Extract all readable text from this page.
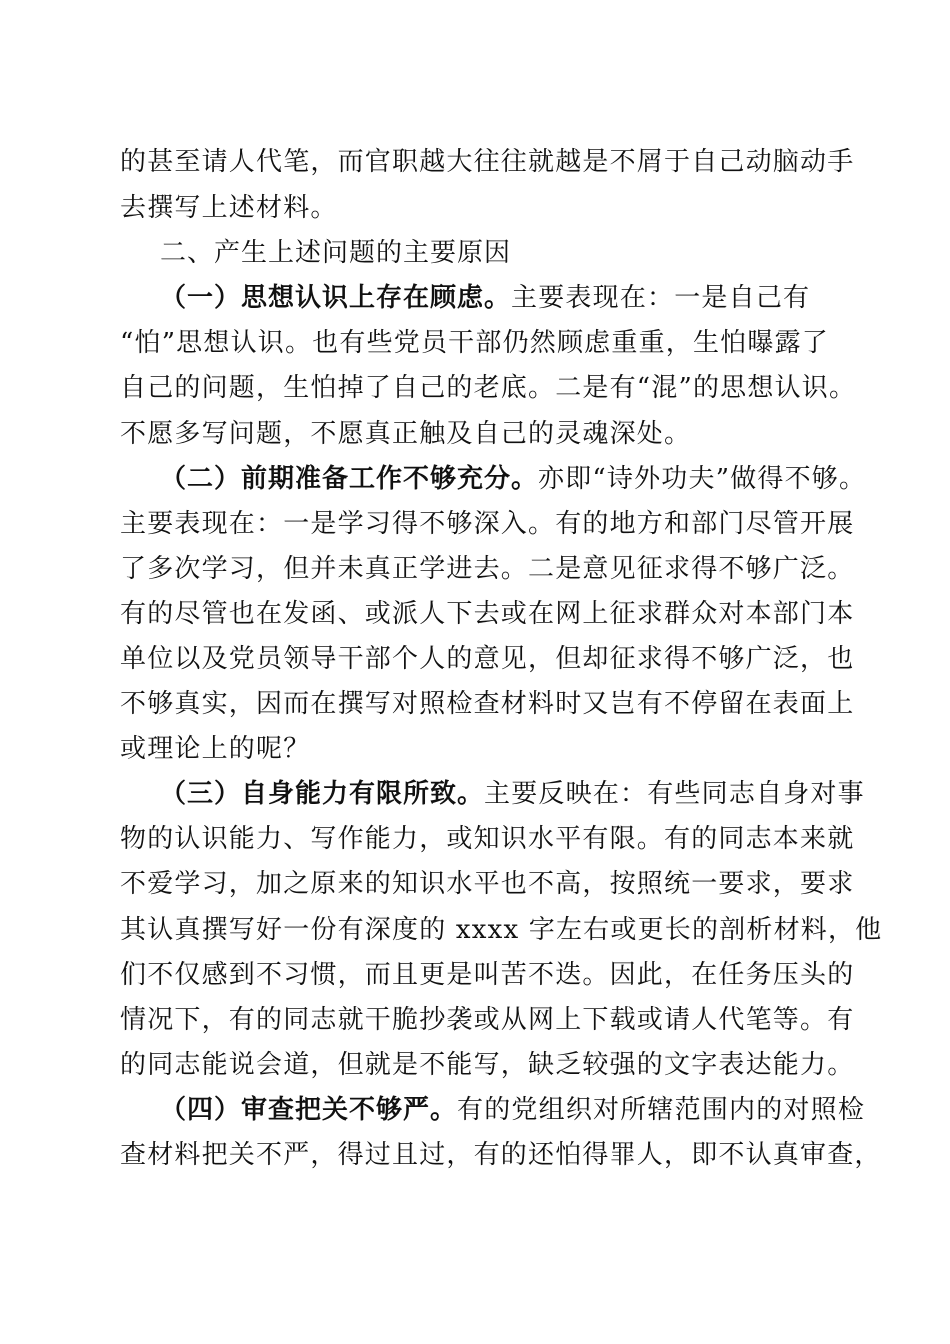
的甚至请人代笔，而官职越大往往就越是不屑于自己动脑动手
去撰写上述材料。
二、产生上述问题的主要原因
（一）思想认识上存在顾虑。主要表现在：一是自己有
“怕”思想认识。也有些党员干部仍然顾虑重重，生怕曝露了
自己的问题，生怕掉了自己的老底。二是有“混”的思想认识。
不愿多写问题，不愿真正触及自己的灵魂深处。
（二）前期准备工作不够充分。亦即“诗外功夫”做得不够。
主要表现在：一是学习得不够深入。有的地方和部门尽管开展
了多次学习，但并未真正学进去。二是意见征求得不够广泛。
有的尽管也在发函、或派人下去或在网上征求群众对本部门本
单位以及党员领导干部个人的意见，但却征求得不够广泛，也
不够真实，因而在撰写对照检查材料时又岂有不停留在表面上
或理论上的呢？
（三）自身能力有限所致。主要反映在：有些同志自身对事
物的认识能力、写作能力，或知识水平有限。有的同志本来就
不爱学习，加之原来的知识水平也不高，按照统一要求，要求
其认真撰写好一份有深度的 xxxx 字左右或更长的剖析材料，他
们不仅感到不习惯，而且更是叫苦不迭。因此，在任务压头的
情况下，有的同志就干脆抄袭或从网上下载或请人代笔等。有
的同志能说会道，但就是不能写，缺乏较强的文字表达能力。
（四）审查把关不够严。有的党组织对所辖范围内的对照检
查材料把关不严，得过且过，有的还怕得罪人，即不认真审查，
